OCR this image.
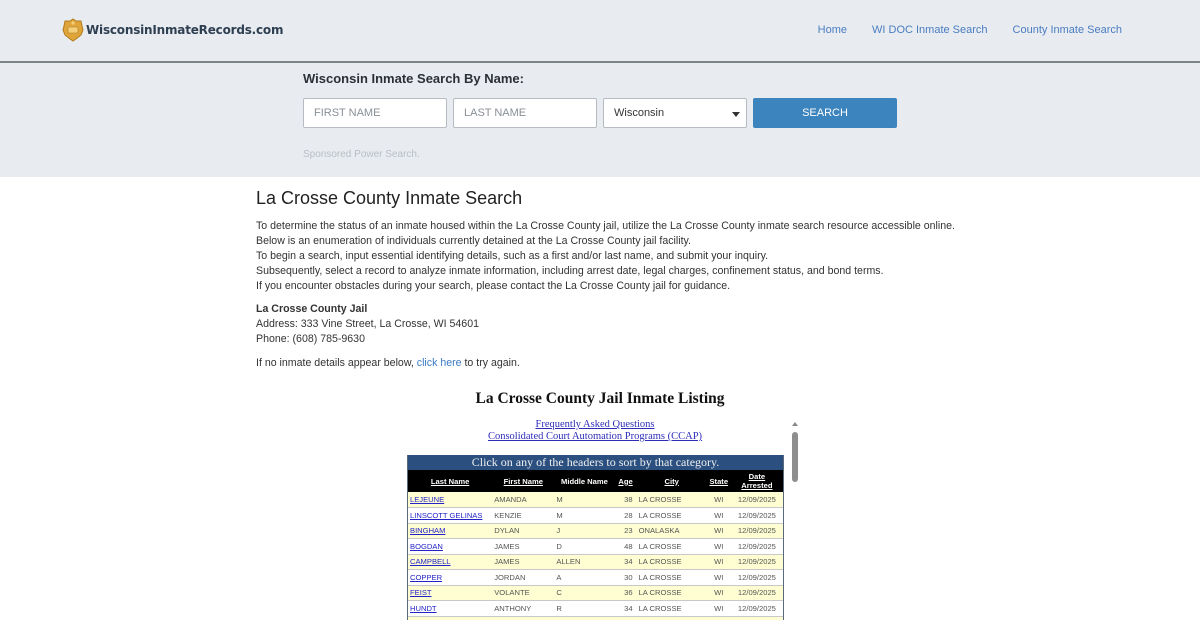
WisconsinInmateRecords.com	Home WI DOC Inmate Search County Inmate Search
Wisconsin Inmate Search By Name:
FIRST NAME
LAST NAME
Wisconsin	SEARCH
Sponsored Power Search.
La Crosse County Inmate Search

To determine the status of an inmate housed within the La Crosse County jail, utilize the La Crosse County inmate search resource accessible online.

Below is an enumeration of individuals currently detained at the La Crosse County jail facility.

To begin a search, input essential identifying details, such as a first and/or last name, and submit your inquiry.

Subsequently, select a record to analyze inmate information, including arrest date, legal charges, confinement status, and bond terms.

If you encounter obstacles during your search, please contact the La Crosse County jail for guidance.

La Crosse County Jail
Address: 333 Vine Street, La Crosse, WI 54601
Phone: (608) 785-9630
If no inmate details appear below, click here to try again.
La Crosse County Jail Inmate Listing
Frequently Asked Questions
Consolidated Court Automation Programs (CCAP)
Click on any of the headers to sort by that category.
Last Name	First Name	Middle Name	Age	City	State	Date Arrested
LEJEUNE	AMANDA	M	38	LA CROSSE	WI	12/09/2025
LINSCOTT GELINAS	KENZIE	M	28	LA CROSSE	WI	12/09/2025
BINGHAM	DYLAN	J	23	ONALASKA	WI	12/09/2025
BOGDAN	JAMES	D	48	LA CROSSE	WI	12/09/2025
CAMPBELL	JAMES	ALLEN	34	LA CROSSE	WI	12/09/2025
COPPER	JORDAN	A	30	LA CROSSE	WI	12/09/2025
FEIST	VOLANTE	C	36	LA CROSSE	WI	12/09/2025
HUNDT	ANTHONY	R	34	LA CROSSE	WI	12/09/2025
